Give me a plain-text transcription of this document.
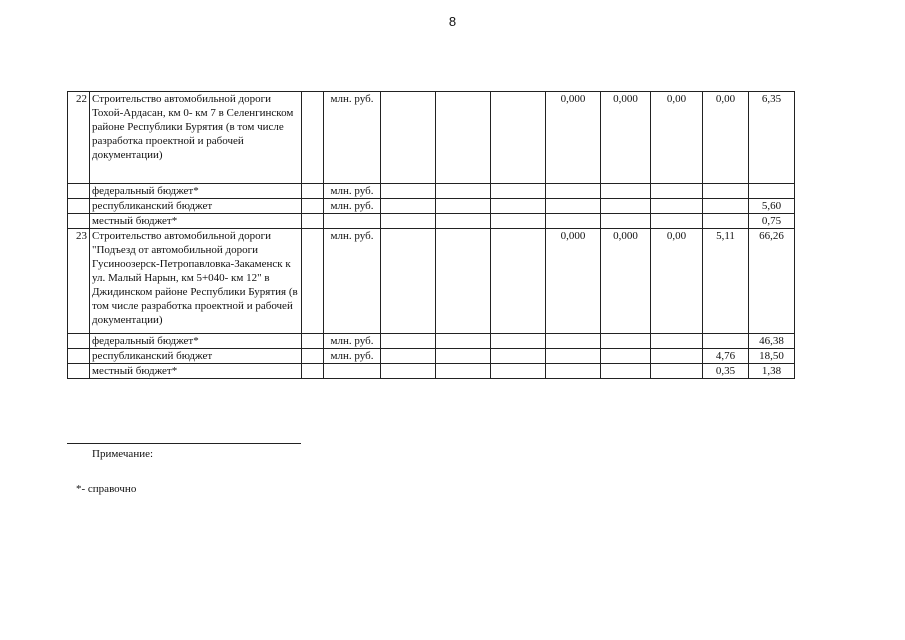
8
22	Строительство автомобильной дороги Тохой-Ардасан, км 0- км 7 в Селенгинском районе Республики Бурятия (в том числе разработка проектной и рабочей документации)		млн. руб.				0,000	0,000	0,00	0,00	6,35
	федеральный бюджет*		млн. руб.								
	республиканский бюджет		млн. руб.								5,60
	местный бюджет*										0,75
23	Строительство автомобильной дороги "Подъезд от автомобильной дороги Гусиноозерск-Петропавловка-Закаменск к ул. Малый Нарын, км 5+040- км 12" в Джидинском районе Республики Бурятия (в том числе разработка проектной и рабочей документации)		млн. руб.				0,000	0,000	0,00	5,11	66,26
	федеральный бюджет*		млн. руб.								46,38
	республиканский бюджет		млн. руб.							4,76	18,50
	местный бюджет*									0,35	1,38
Примечание:
*- справочно
